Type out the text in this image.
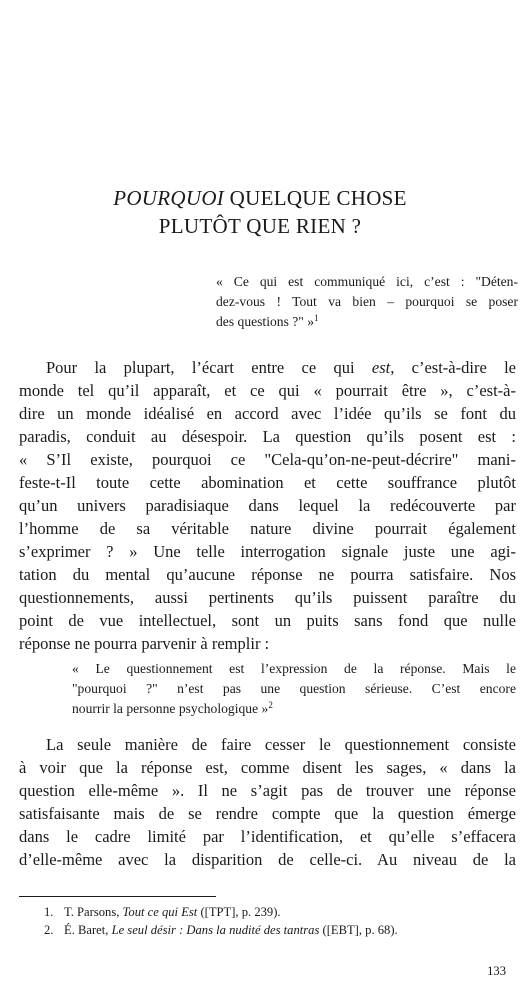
POURQUOI QUELQUE CHOSE
PLUTÔT QUE RIEN ?
« Ce qui est communiqué ici, c’est : "Déten-
dez-vous ! Tout va bien – pourquoi se poser
des questions ?" »$^1$
Pour la plupart, l’écart entre ce qui est, c’est-à-dire le
monde tel qu’il apparaît, et ce qui « pourrait être », c’est-à-
dire un monde idéalisé en accord avec l’idée qu’ils se font du
paradis, conduit au désespoir. La question qu’ils posent est :
« S’Il existe, pourquoi ce "Cela-qu’on-ne-peut-décrire" mani-
feste-t-Il toute cette abomination et cette souffrance plutôt
qu’un univers paradisiaque dans lequel la redécouverte par
l’homme de sa véritable nature divine pourrait également
s’exprimer ? » Une telle interrogation signale juste une agi-
tation du mental qu’aucune réponse ne pourra satisfaire. Nos
questionnements, aussi pertinents qu’ils puissent paraître du
point de vue intellectuel, sont un puits sans fond que nulle
réponse ne pourra parvenir à remplir :
« Le questionnement est l’expression de la réponse. Mais le
"pourquoi ?" n’est pas une question sérieuse. C’est encore
nourrir la personne psychologique »$^2$
La seule manière de faire cesser le questionnement consiste
à voir que la réponse est, comme disent les sages, « dans la
question elle-même ». Il ne s’agit pas de trouver une réponse
satisfaisante mais de se rendre compte que la question émerge
dans le cadre limité par l’identification, et qu’elle s’effacera
d’elle-même avec la disparition de celle-ci. Au niveau de la
1. T. Parsons, Tout ce qui Est ([TPT], p. 239).
2. É. Baret, Le seul désir : Dans la nudité des tantras ([EBT], p. 68).
133
